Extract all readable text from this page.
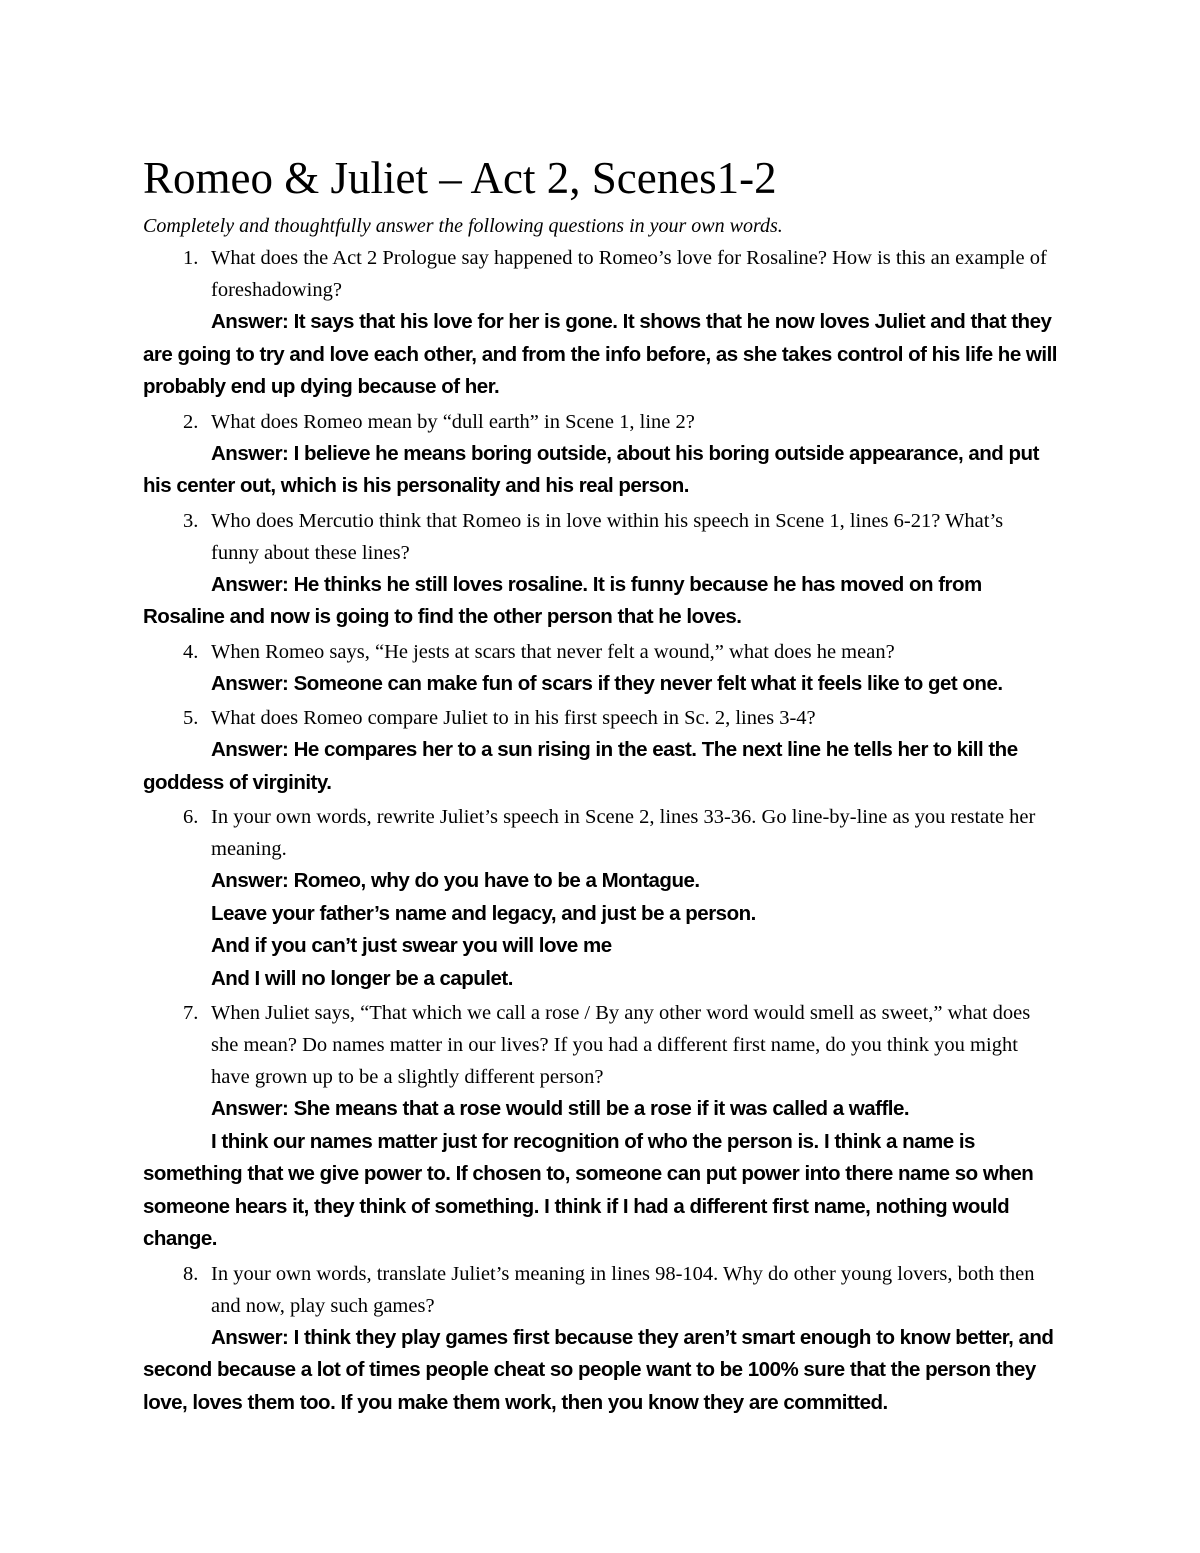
Romeo & Juliet – Act 2, Scenes1-2
Completely and thoughtfully answer the following questions in your own words.
1. What does the Act 2 Prologue say happened to Romeo’s love for Rosaline? How is this an example of foreshadowing?

Answer: It says that his love for her is gone. It shows that he now loves Juliet and that they are going to try and love each other, and from the info before, as she takes control of his life he will probably end up dying because of her.

2. What does Romeo mean by “dull earth” in Scene 1, line 2?

Answer: I believe he means boring outside, about his boring outside appearance, and put his center out, which is his personality and his real person.

3. Who does Mercutio think that Romeo is in love within his speech in Scene 1, lines 6-21? What’s funny about these lines?

Answer: He thinks he still loves rosaline. It is funny because he has moved on from Rosaline and now is going to find the other person that he loves.

4. When Romeo says, “He jests at scars that never felt a wound,” what does he mean?

Answer: Someone can make fun of scars if they never felt what it feels like to get one.

5. What does Romeo compare Juliet to in his first speech in Sc. 2, lines 3-4?

Answer: He compares her to a sun rising in the east. The next line he tells her to kill the goddess of virginity.

6. In your own words, rewrite Juliet’s speech in Scene 2, lines 33-36. Go line-by-line as you restate her meaning.

Answer: Romeo, why do you have to be a Montague.

Leave your father’s name and legacy, and just be a person.

And if you can’t just swear you will love me

And I will no longer be a capulet.

7. When Juliet says, “That which we call a rose / By any other word would smell as sweet,” what does she mean? Do names matter in our lives? If you had a different first name, do you think you might have grown up to be a slightly different person?

Answer: She means that a rose would still be a rose if it was called a waffle.

I think our names matter just for recognition of who the person is. I think a name is something that we give power to. If chosen to, someone can put power into there name so when someone hears it, they think of something. I think if I had a different first name, nothing would change.

8. In your own words, translate Juliet’s meaning in lines 98-104. Why do other young lovers, both then and now, play such games?

Answer: I think they play games first because they aren’t smart enough to know better, and second because a lot of times people cheat so people want to be 100% sure that the person they love, loves them too. If you make them work, then you know they are committed.
